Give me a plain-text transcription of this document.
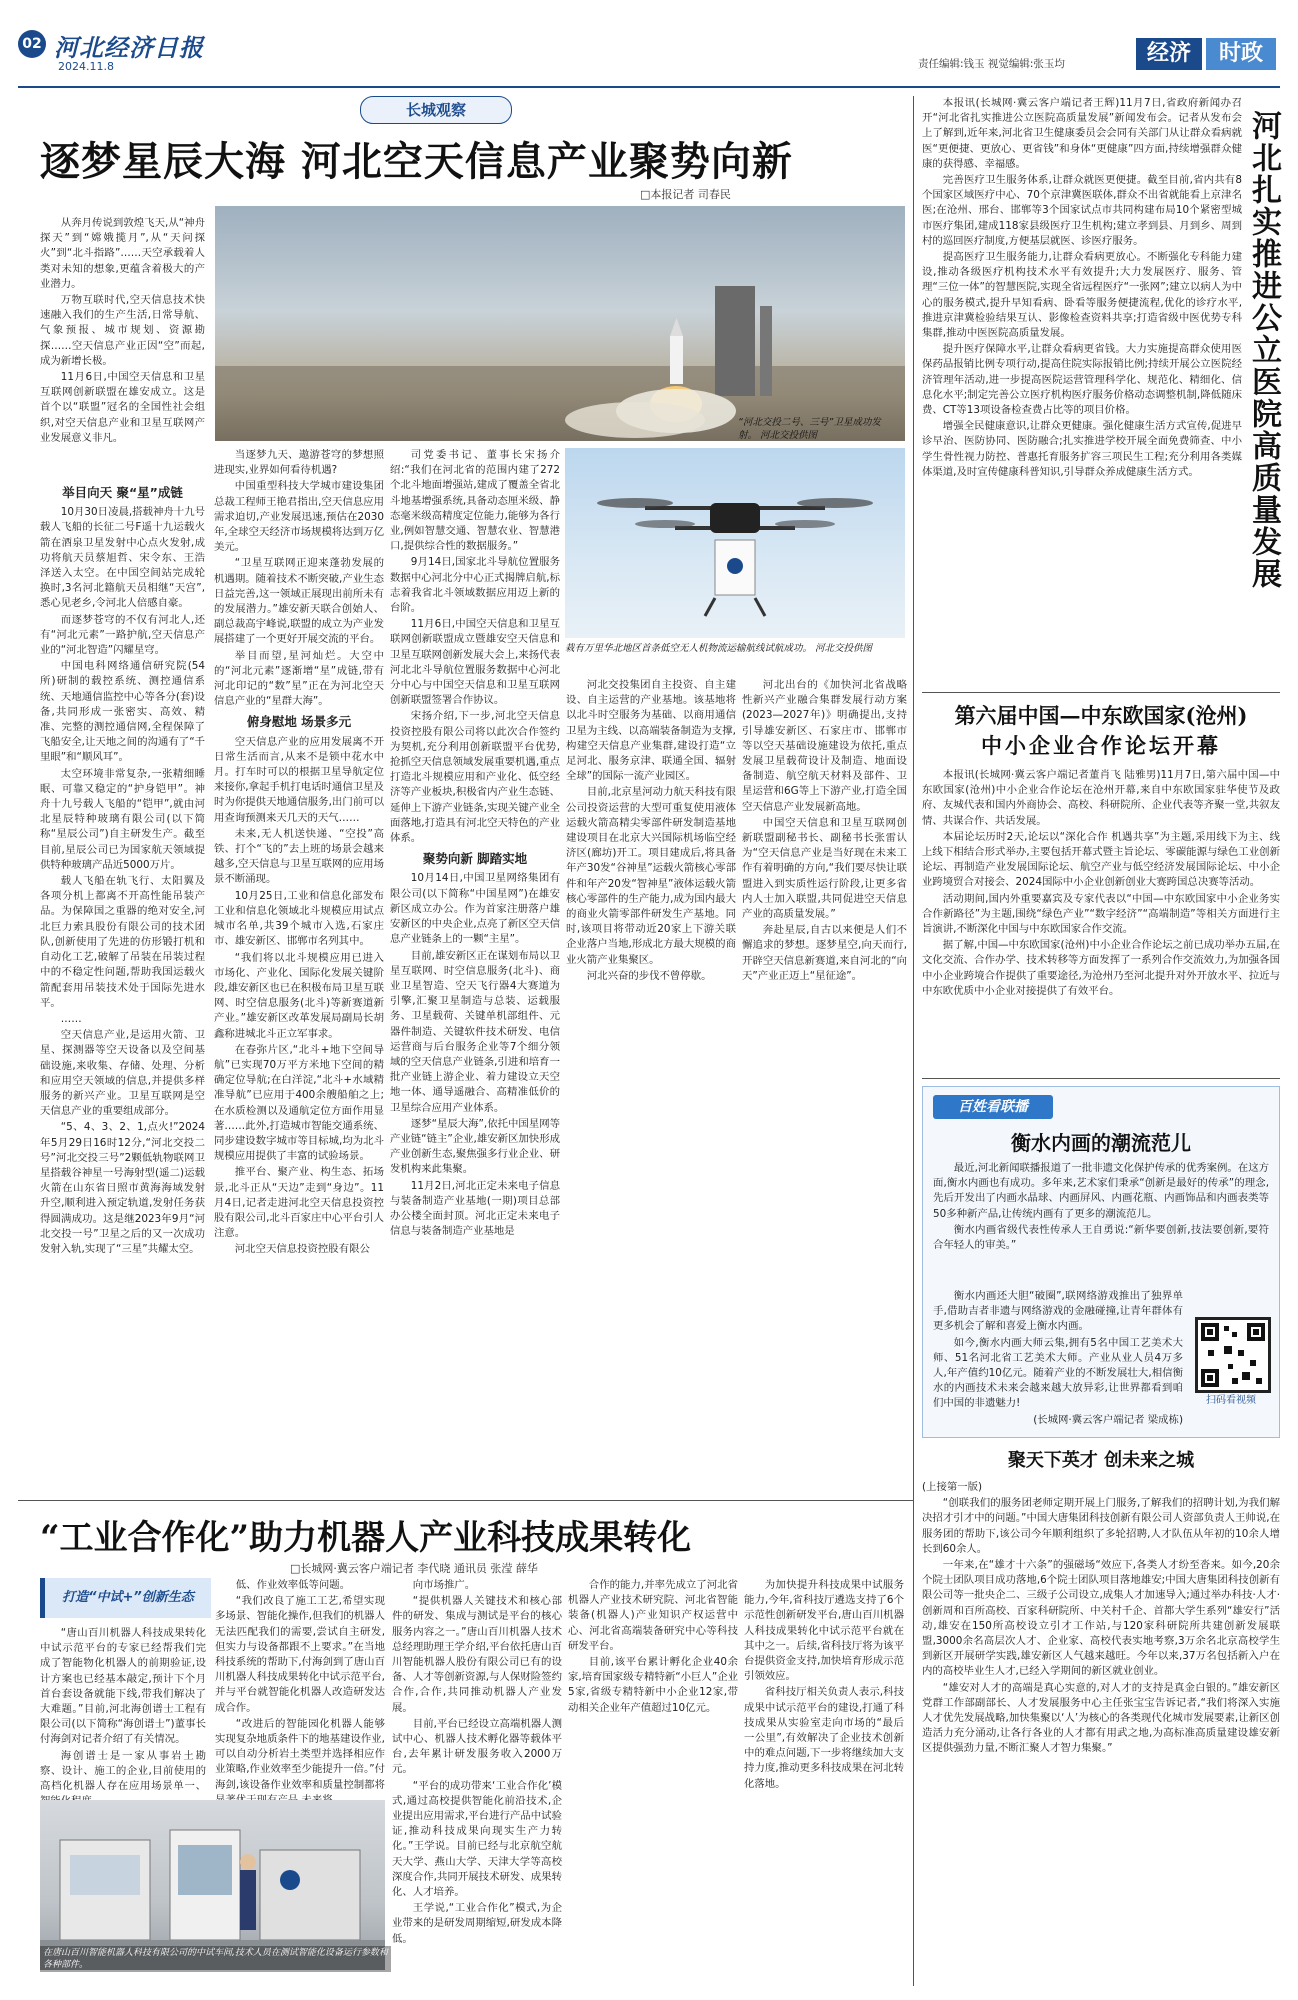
02 河北经济日报
2024.11.8	责任编辑:钱玉 视觉编辑:张玉均	经济	时政
长城观察
逐梦星辰大海 河北空天信息产业聚势向新
□本报记者 司春民
“河北交投二号、三号”卫星成功发射。 河北交投供图

从奔月传说到敦煌飞天,从“神舟探天”到“嫦娥揽月”,从“天问探火”到“北斗指路”……天空承载着人类对未知的想象,更蕴含着极大的产业潜力。

万物互联时代,空天信息技术快速融入我们的生产生活,日常导航、气象预报、城市规划、资源勘探……空天信息产业正因“空”而起,成为新增长极。

11月6日,中国空天信息和卫星互联网创新联盟在雄安成立。这是首个以“联盟”冠名的全国性社会组织,对空天信息产业和卫星互联网产业发展意义非凡。

举目向天 聚“星”成链

10月30日凌晨,搭载神舟十九号载人飞船的长征二号F遥十九运载火箭在酒泉卫星发射中心点火发射,成功将航天员蔡旭哲、宋令东、王浩泽送入太空。在中国空间站完成轮换时,3名河北籍航天员相继“天宫”,悉心见老乡,令河北人倍感自豪。

而逐梦苍穹的不仅有河北人,还有“河北元素”一路护航,空天信息产业的“河北智造”闪耀星穹。

中国电科网络通信研究院(54所)研制的载控系统、测控通信系统、天地通信监控中心等各分(套)设备,共同形成一张密实、高效、精准、完整的测控通信网,全程保障了飞船安全,让天地之间的沟通有了“千里眼”和“顺风耳”。

太空环境非常复杂,一张精细睡眠、可靠又稳定的“护身铠甲”。神舟十九号载人飞船的“铠甲”,就由河北星辰特种玻璃有限公司(以下简称“星辰公司”)自主研发生产。截至目前,星辰公司已为国家航天领域提供特种玻璃产品近5000万片。

载人飞船在轨飞行、太阳翼及各项分机上都离不开高性能吊装产品。为保障国之重器的绝对安全,河北巨力索具股份有限公司的技术团队,创新使用了先进的仿形锻打机和自动化工艺,破解了吊装在吊装过程中的不稳定性问题,帮助我国运载火箭配套用吊装技术处于国际先进水平。

……

空天信息产业,是运用火箭、卫星、探测器等空天设备以及空间基础设施,来收集、存储、处理、分析和应用空天领域的信息,并提供多样服务的新兴产业。卫星互联网是空天信息产业的重要组成部分。

“5、4、3、2、1,点火!”2024年5月29日16时12分,“河北交投二号”河北交投三号”2颗低轨物联网卫星搭载谷神星一号海射型(遥二)运载火箭在山东省日照市黄海海域发射升空,顺利进入预定轨道,发射任务获得圆满成功。这是继2023年9月“河北交投一号”卫星之后的又一次成功发射入轨,实现了“三星”共耀太空。

当逐梦九天、遨游苍穹的梦想照进现实,业界如何看待机遇?

中国重型科技大学城市建设集团总裁工程师王艳君指出,空天信息应用需求迫切,产业发展迅速,预估在2030年,全球空天经济市场规模将达到万亿美元。

“卫星互联网正迎来蓬勃发展的机遇期。随着技术不断突破,产业生态日益完善,这一领域正展现出前所未有的发展潜力。”雄安新天联合创始人、副总裁高宇峰说,联盟的成立为产业发展搭建了一个更好开展交流的平台。

举目而望,星河灿烂。大空中的“河北元素”逐渐增“星”成链,带有河北印记的“数”星”正在为河北空天信息产业的“星群大海”。

俯身慰地 场景多元

空天信息产业的应用发展离不开日常生活而言,从来不是锁中花水中月。打车时可以的根据卫星导航定位来接你,拿起手机打电话时通信卫星及时为你提供天地通信服务,出门前可以用查询预测来天几天的天气……

未来,无人机送快递、“空投”高铁、打个“飞的”去上班的场景会越来越多,空天信息与卫星互联网的应用场景不断涌现。

10月25日,工业和信息化部发布工业和信息化领域北斗规模应用试点城市名单,共39个城市入选,石家庄市、雄安新区、邯郸市名列其中。

“我们将以北斗规模应用已进入市场化、产业化、国际化发展关键阶段,雄安新区也已在积极布局卫星互联网、时空信息服务(北斗)等新赛道新产业。”雄安新区改革发展局副局长胡鑫称进城北斗正立军事求。

在春弥片区,“北斗+地下空间导航”已实现70万平方米地下空间的精确定位导航;在白洋淀,“北斗+水域精准导航”已应用于400余艘船舶之上;在水质检测以及通航定位方面作用显著……此外,打造城市智能交通系统、同步建设数字城市等目标城,均为北斗规模应用提供了丰富的试验场景。

推平台、聚产业、构生态、拓场景,北斗正从“天边”走到“身边”。11月4日,记者走进河北空天信息投资控股有限公司,北斗百家庄中心平台引人注意。

河北空天信息投资控股有限公

栽有万里华北地区首条低空无人机物流运输航线试航成功。 河北交投供图

司党委书记、董事长宋扬介绍:“我们在河北省的范围内建了272个北斗地面增强站,建成了覆盖全省北斗地基增强系统,具备动态厘米级、静态毫米级高精度定位能力,能够为各行业,例如智慧交通、智慧农业、智慧港口,提供综合性的数据服务。”

9月14日,国家北斗导航位置服务数据中心河北分中心正式揭牌启航,标志着我省北斗领域数据应用迈上新的台阶。

11月6日,中国空天信息和卫星互联网创新联盟成立暨雄安空天信息和卫星互联网创新发展大会上,来扬代表河北北斗导航位置服务数据中心河北分中心与中国空天信息和卫星互联网创新联盟签署合作协议。

宋扬介绍,下一步,河北空天信息投资控股有限公司将以此次合作签约为契机,充分利用创新联盟平台优势,抢抓空天信息领域发展重要机遇,重点打造北斗规模应用和产业化、低空经济等产业板块,积极省内产业生态链、延伸上下游产业链条,实现关键产业全面落地,打造具有河北空天特色的产业体系。

聚势向新 脚踏实地

10月14日,中国卫星网络集团有限公司(以下简称“中国星网”)在雄安新区成立办公。作为首家注册落户雄安新区的中央企业,点亮了新区空天信息产业链条上的一颗“主星”。

目前,雄安新区正在谋划布局以卫星互联网、时空信息服务(北斗)、商业卫星智造、空天飞行器4大赛道为引擎,汇聚卫星制造与总装、运载服务、卫星载荷、关键单机部组件、元器件制造、关键软件技术研发、电信运营商与后台服务企业等7个细分领域的空天信息产业链条,引进和培育一批产业链上游企业、着力建设立天空地一体、通导遥融合、高精准低价的卫星综合应用产业体系。

逐梦“星辰大海”,依托中国星网等产业链“链主”企业,雄安新区加快形成产业创新生态,聚焦强多行业企业、研发机构来此集聚。

11月2日,河北正定未来电子信息与装备制造产业基地(一期)项目总部办公楼全面封顶。河北正定未来电子信息与装备制造产业基地是

河北交投集团自主投资、自主建设、自主运营的产业基地。该基地将以北斗时空服务为基础、以商用通信卫星为主线、以高端装备制造为支撑,构建空天信息产业集群,建设打造“立足河北、服务京津、联通全国、辐射全球”的国际一流产业园区。

目前,北京星河动力航天科技有限公司投资运营的大型可重复使用液体运载火箭高精尖零部件研发制造基地建设项目在北京大兴国际机场临空经济区(廊坊)开工。项目建成后,将具备年产30发“谷神星”运载火箭核心零部件和年产20发“智神星”液体运载火箭核心零部件的生产能力,成为国内最大的商业火箭零部件研发生产基地。同时,该项目将带动近20家上下游关联企业落户当地,形成北方最大规模的商业火箭产业集聚区。

河北兴奋的步伐不曾停歇。

河北出台的《加快河北省战略性新兴产业融合集群发展行动方案(2023—2027年)》明确提出,支持引导雄安新区、石家庄市、邯郸市等以空天基础设施建设为依托,重点发展卫星载荷设计及制造、地面设备制造、航空航天材料及部件、卫星运营和6G等上下游产业,打造全国空天信息产业发展新高地。

中国空天信息和卫星互联网创新联盟副秘书长、副秘书长张雷认为“空天信息产业是当好现在未来工作有着明确的方向,“我们要尽快让联盟进入到实质性运行阶段,让更多省内人士加入联盟,共同促进空天信息产业的高质量发展。”

奔赴星辰,自古以来便是人们不懈追求的梦想。逐梦星空,向天而行,开辟空天信息新赛道,来自河北的“向天”产业正迈上“星征途”。

“工业合作化”助力机器人产业科技成果转化
□长城网·冀云客户端记者 李代晓 通讯员 张滢 薛华
打造“中试+”创新生态

“唐山百川机器人科技成果转化中试示范平台的专家已经帮我们完成了智能物化机器人的前期验证,设计方案也已经基本敲定,预计下个月首台套设备就能下线,带我们解决了大难题。”目前,河北海创谱士工程有限公司(以下简称“海创谱士”)董事长付海剑对记者介绍了有关情况。

海创谱士是一家从事岩土勘察、设计、施工的企业,目前使用的高档化机器人存在应用场景单一、

低、作业效率低等问题。

“我们改良了施工工艺,希望实现多场景、智能化操作,但我们的机器人无法匹配我们的需要,尝试自主研发,但实力与设备都跟不上要求。”在当地科技系统的帮助下,付海剑到了唐山百川机器人科技成果转化中试示范平台,并与平台就智能化机器人改造研发达成合作。

“改进后的智能园化机器人能够实现复杂地质条件下的地基建设作业,可以自动分析岩土类型并选择相应作业策略,作业效率至少能提升一倍。”付海剑,该设备作业效率和质量控制都将

向市场推广。

“提供机器人关键技术和核心部件的研发、集成与测试是平台的核心服务内容之一。”唐山百川机器人技术总经理助理王学介绍,平台依托唐山百川智能机器人股份有限公司已有的设备、人才等创新资源,与人保财险签约合作,合作,共同推动机器人产业发展。

目前,平台已经设立高端机器人测试中心、机器人技术孵化器等载体平台,去年累计研发服务收入2000万元。

“平台的成功带来‘工业合作化’模式,通过高校提供智能化前沿技术,企业提出应用需求,平台进行产品中试验证,推动科技成果向现实生产力转化。”王学说。目前已经与北京航空航天大学、燕山大学、天津大学等高校深度合作,共同开展技术研发、成果转化、人才培养。

王学说,“工业合作化”模式,为企业带来的是研发周期缩短,研发成本降低。

合作的能力,并率先成立了河北省机器人产业技术研究院、河北省智能装备(机器人)产业知识产权运营中心、河北省高端装备研究中心等科技研发平台。

目前,该平台累计孵化企业40余家,培育国家级专精特新“小巨人”企业5家,省级专精特新中小企业12家,带动相关企业年产值超过10亿元。

为加快提升科技成果中试服务能力,今年,省科技厅遴选支持了6个示范性创新研发平台,唐山百川机器人科技成果转化中试示范平台就在其中之一。后续,省科技厅将为该平台提供资金支持,加快培育形成示范引领效应。

省科技厅相关负责人表示,科技成果中试示范平台的建设,打通了科技成果从实验室走向市场的“最后一公里”,有效解决了企业技术创新中的难点问题,下一步将继续加大支持力度,推动更多科技成果在河北转化落地。

在唐山百川智能机器人科技有限公司的中试车间,技术人员在测试智能化设备运行参数和各种部件。

本报讯(长城网·冀云客户端记者王辉)11月7日,省政府新闻办召开“河北省扎实推进公立医院高质量发展”新闻发布会。记者从发布会上了解到,近年来,河北省卫生健康委员会会同有关部门从让群众看病就医“更便捷、更放心、更省钱”和身体“更健康”四方面,持续增强群众健康的获得感、幸福感。

完善医疗卫生服务体系,让群众就医更便捷。截至目前,省内共有8个国家区域医疗中心、70个京津冀医联体,群众不出省就能看上京津名医;在沧州、邢台、邯郸等3个国家试点市共同构建布局10个紧密型城市医疗集团,建成118家县级医疗卫生机构;建立孝到县、月到乡、周到村的巡回医疗制度,方便基层就医、诊医疗服务。

提高医疗卫生服务能力,让群众看病更放心。不断强化专科能力建设,推动各级医疗机构技术水平有效提升;大力发展医疗、服务、管理“三位一体”的智慧医院,实现全省远程医疗“一张网”;建立以病人为中心的服务模式,提升早知看病、卧看等服务便捷流程,优化的诊疗水平,推进京津冀检验结果互认、影像检查资料共享;打造省级中医优势专科集群,推动中医医院高质量发展。

提升医疗保障水平,让群众看病更省钱。大力实施提高群众使用医保药品报销比例专项行动,提高住院实际报销比例;持续开展公立医院经济管理年活动,进一步提高医院运营管理科学化、规范化、精细化、信息化水平;制定完善公立医疗机构医疗服务价格动态调整机制,降低随床费、CT等13项设备检查费占比等的项目价格。

增强全民健康意识,让群众更健康。强化健康生活方式宣传,促进早诊早治、医防协同、医防融合;扎实推进学校开展全面免费筛查、中小学生骨性视力防控、普惠托育服务扩容三项民生工程;充分利用各类媒体渠道,及时宣传健康科普知识,引导群众养成健康生活方式。	河北扎实推进公立医院高质量发展
第六届中国—中东欧国家(沧州)
中小企业合作论坛开幕

本报讯(长城网·冀云客户端记者董肖飞 陆雅男)11月7日,第六届中国—中东欧国家(沧州)中小企业合作论坛在沧州开幕,来自中东欧国家驻华使节及政府、友城代表和国内外商协会、高校、科研院所、企业代表等齐聚一堂,共叙友情、共谋合作、共话发展。

本届论坛历时2天,论坛以“深化合作 机遇共享”为主题,采用线下为主、线上线下相结合形式举办,主要包括开幕式暨主旨论坛、零碳能源与绿色工业创新论坛、再制造产业发展国际论坛、航空产业与低空经济发展国际论坛、中小企业跨境贸合对接会、2024国际中小企业创新创业大赛跨国总决赛等活动。

活动期间,国内外重要嘉宾及专家代表以“中国—中东欧国家中小企业务实合作新路径”为主题,围绕“绿色产业”“数字经济”“高端制造”等相关方面进行主旨演讲,不断深化中国与中东欧国家合作交流。

据了解,中国—中东欧国家(沧州)中小企业合作论坛之前已成功举办五届,在文化交流、合作办学、技术转移等方面发挥了一系列合作交流效力,为加强各国中小企业跨境合作提供了重要途径,为沧州乃至河北提升对外开放水平、拉近与中东欧优质中小企业对接提供了有效平台。

百姓看联播
衡水内画的潮流范儿

最近,河北新闻联播报道了一批非遗文化保护传承的优秀案例。在这方面,衡水内画也有成功。多年来,艺术家们秉承“创新是最好的传承”的理念,先后开发出了内画水晶球、内画屏风、内画花瓶、内画饰品和内画表类等50多种新产品,让传统内画有了更多的潮流范儿。

衡水内画省级代表性传承人王自勇说:“新华要创新,技法要创新,要符合年轻人的审美。”

衡水内画还大胆“破圈”,联网络游戏推出了独界单手,借助吉者非遗与网络游戏的金融碰撞,让青年群体有更多机会了解和喜爱上衡水内画。

如今,衡水内画大师云集,拥有5名中国工艺美术大师、51名河北省工艺美术大师。产业从业人员4万多人,年产值约10亿元。随着产业的不断发展壮大,相信衡水的内画技术未来会越来越大放异彩,让世界都看到咱们中国的非遗魅力!

(长城网·冀云客户端记者 梁成栋)

扫码看视频
聚天下英才 创未来之城

(上接第一版)

“创联我们的服务团老师定期开展上门服务,了解我们的招聘计划,为我们解决招才引才中的问题。”中国大唐集团科技创新有限公司人资部负责人王帅说,在服务团的帮助下,该公司今年顺利组织了多轮招聘,人才队伍从年初的10余人增长到60余人。

一年来,在“雄才十六条”的强磁场“效应下,各类人才纷至沓来。如今,20余个院士团队项目成功落地,6个院士团队项目落地雄安;中国大唐集团科技创新有限公司等一批央企二、三级子公司设立,成集人才加速导入;通过举办科技·人才·创新周和百所高校、百家科研院所、中关村千企、首都大学生系列“雄安行”活动,雄安在150所高校设立引才工作站,与120家科研院所共建创新发展联盟,3000余名高层次人才、企业家、高校代表实地考察,3万余名北京高校学生到新区开展研学实践,雄安新区人气越来越旺。今年以来,37万名包括新入户在内的高校毕业生人才,已经入学期间的新区就业创业。

“雄安对人才的高端是真心实意的,对人才的支持是真金白银的。”雄安新区党群工作部副部长、人才发展服务中心主任张宝宝告诉记者,“我们将深入实施人才优先发展战略,加快集聚以‘人’为核心的各类现代化城市发展要素,让新区创造活力充分涌动,让各行各业的人才都有用武之地,为高标准高质量建设雄安新区提供强劲力量,不断汇聚人才智力集聚。”
